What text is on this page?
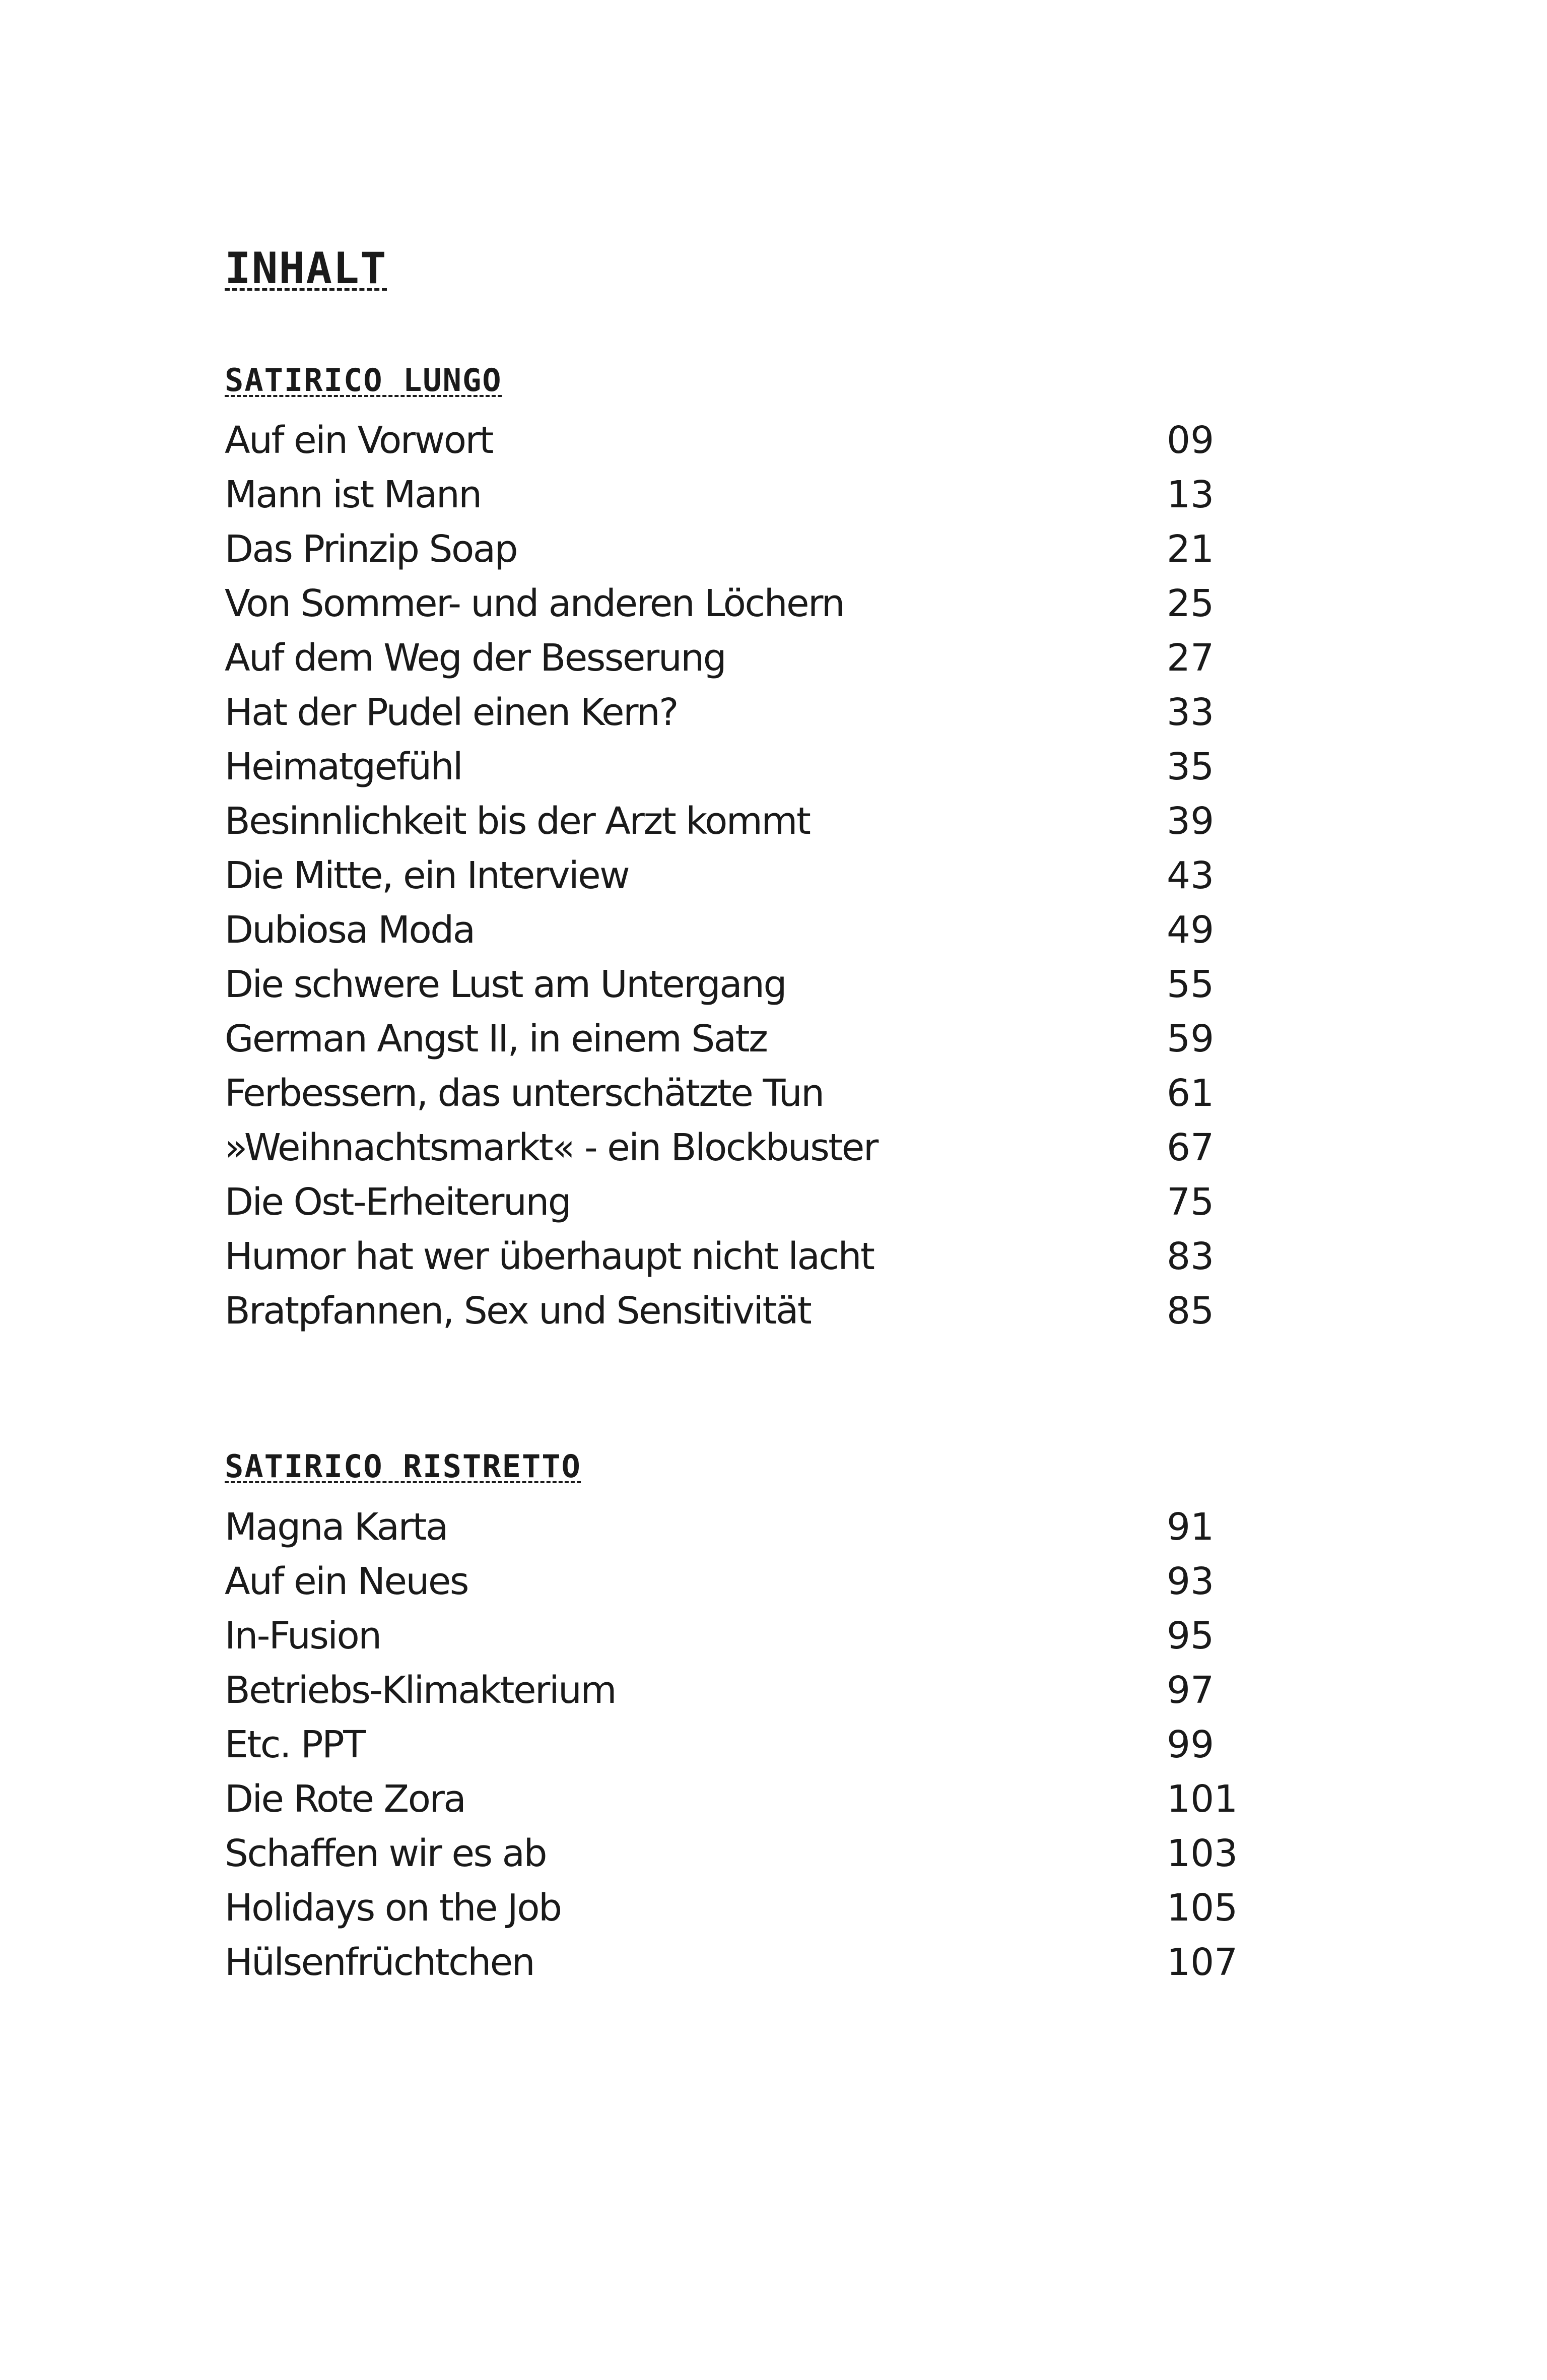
INHALT
SATIRICO LUNGO
Auf ein Vorwort	09
Mann ist Mann	13
Das Prinzip Soap	21
Von Sommer- und anderen Löchern	25
Auf dem Weg der Besserung	27
Hat der Pudel einen Kern?	33
Heimatgefühl	35
Besinnlichkeit bis der Arzt kommt	39
Die Mitte, ein Interview	43
Dubiosa Moda	49
Die schwere Lust am Untergang	55
German Angst II, in einem Satz	59
Ferbessern, das unterschätzte Tun	61
»Weihnachtsmarkt« - ein Blockbuster	67
Die Ost-Erheiterung	75
Humor hat wer überhaupt nicht lacht	83
Bratpfannen, Sex und Sensitivität	85
SATIRICO RISTRETTO
Magna Karta	91
Auf ein Neues	93
In-Fusion	95
Betriebs-Klimakterium	97
Etc. PPT	99
Die Rote Zora	101
Schaffen wir es ab	103
Holidays on the Job	105
Hülsenfrüchtchen	107
